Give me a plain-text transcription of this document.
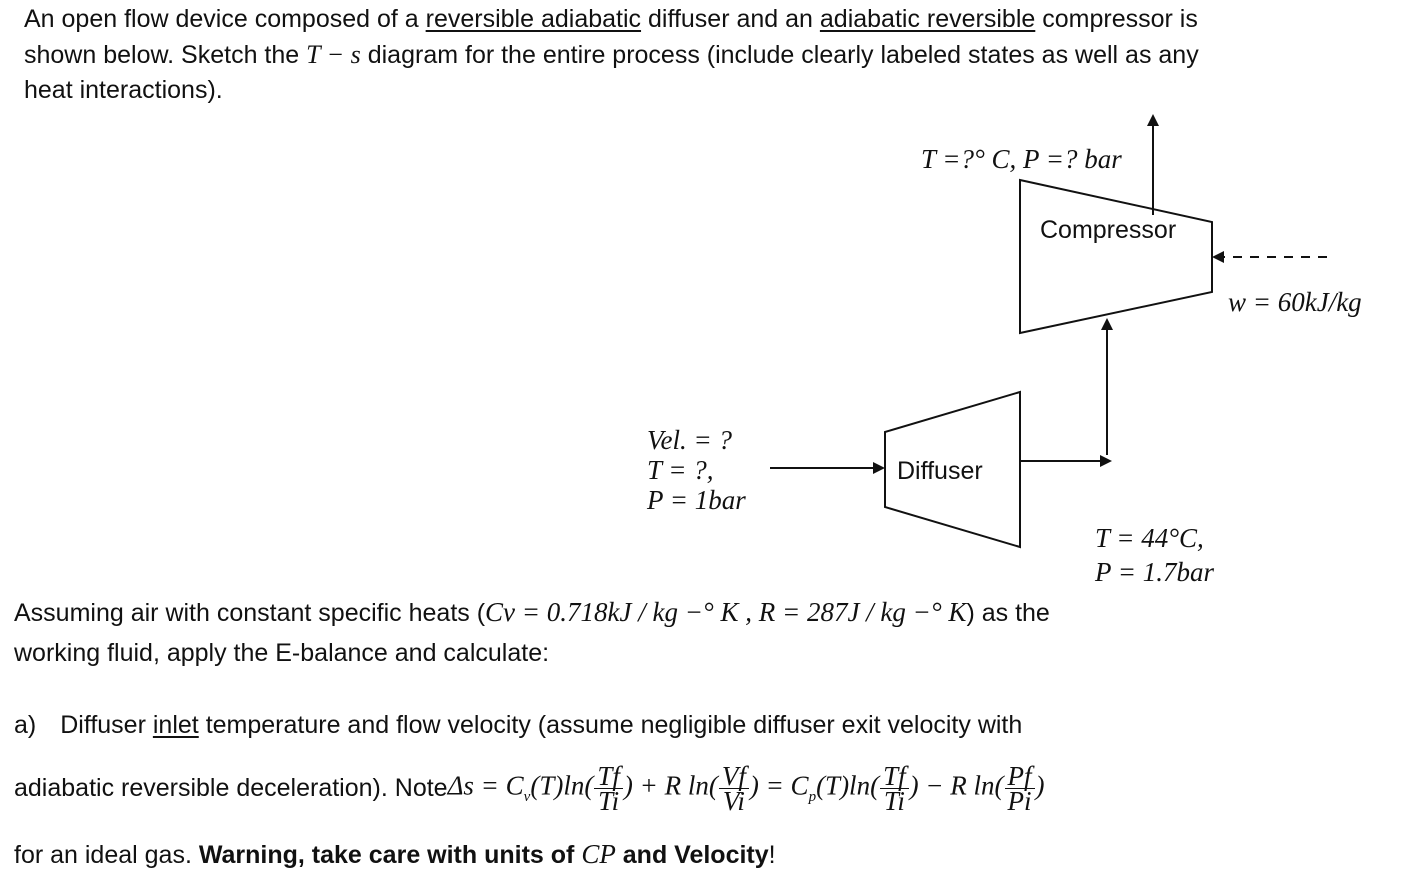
An open flow device composed of a reversible adiabatic diffuser and an adiabatic reversible compressor is

shown below. Sketch the T − s diagram for the entire process (include clearly labeled states as well as any

heat interactions).

Compressor
Diffuser
T =?° C, P =? bar
w = 60kJ/kg
Vel. = ?
T = ?,
P = 1bar
T = 44°C,
P = 1.7bar
Assuming air with constant specific heats (Cv = 0.718kJ / kg −° K , R = 287J / kg −° K) as the
working fluid, apply the E-balance and calculate:
a) Diffuser inlet temperature and flow velocity (assume negligible diffuser exit velocity with
adiabatic reversible deceleration). Note $\Delta s = C_v(T)\ln( \frac{Tf}{Ti}$ ) + R $\ln( \frac{Vf}{Vi}$ ) = $C_p(T)\ln( \frac{Tf}{Ti}$ ) − R $\ln( \frac{Pf}{Pi}$ )
for an ideal gas. Warning, take care with units of CP and Velocity!
